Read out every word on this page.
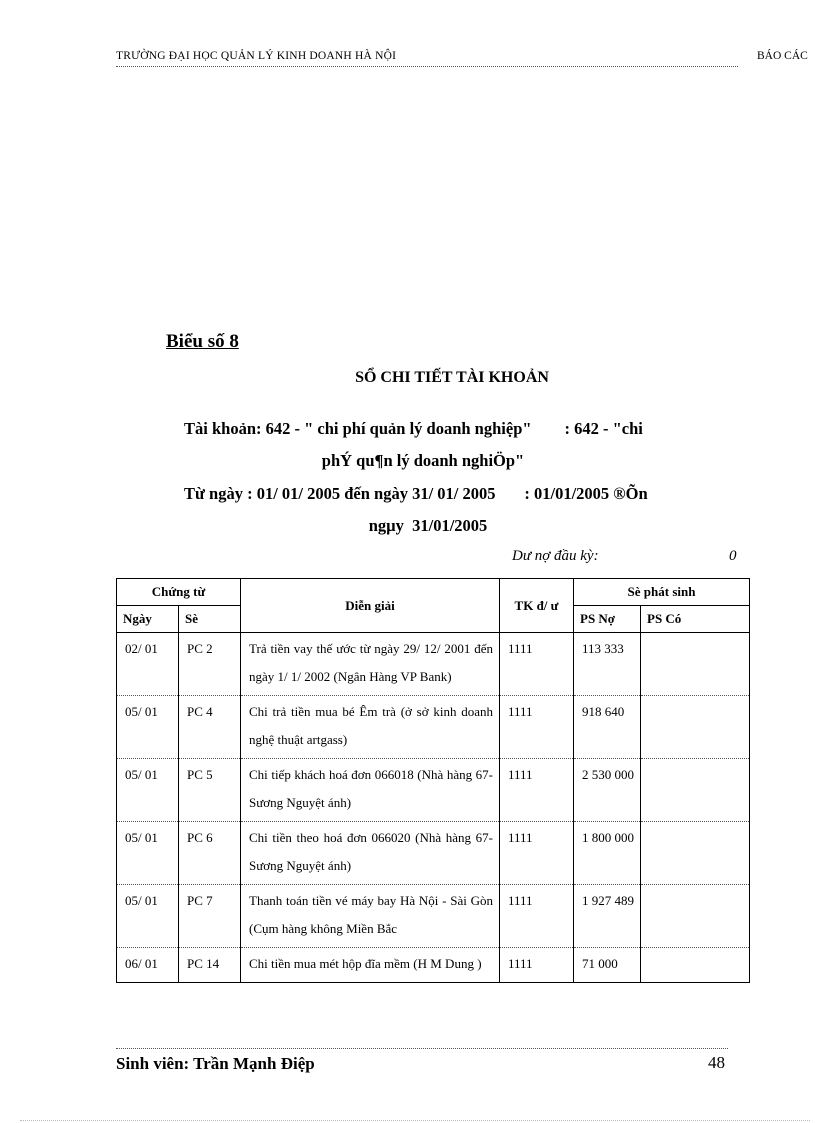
TRƯỜNG ĐẠI HỌC QUẢN LÝ KINH DOANH HÀ NỘI	BÁO CÁC
Biểu số 8
SỔ CHI TIẾT TÀI KHOẢN
Tài khoản: 642 - " chi phí quản lý doanh nghiệp"        : 642 - "chi
phÝ qu¶n lý doanh nghiÖp"
Từ ngày : 01/ 01/ 2005 đến ngày 31/ 01/ 2005       : 01/01/2005 ®Õn
ngµy  31/01/2005
Dư nợ đầu kỳ:	0
Chứng từ		Diễn giải	TK đ/ ư	Sè phát sinh	
Ngày	Sè			PS Nợ	PS Có
02/ 01	PC 2	Trả tiền vay thế ước từ ngày 29/ 12/ 2001 đến ngày 1/ 1/ 2002 (Ngân Hàng VP Bank)	1111	113 333	
05/ 01	PC 4	Chi trả tiền mua bé Êm trà (ở sở kinh doanh nghệ thuật artgass)	1111	918 640	
05/ 01	PC 5	Chi tiếp khách hoá đơn 066018 (Nhà hàng 67- Sương Nguyệt ánh)	1111	2 530 000	
05/ 01	PC 6	Chi tiền theo hoá đơn 066020 (Nhà hàng 67- Sương Nguyệt ánh)	1111	1 800 000	
05/ 01	PC 7	Thanh toán tiền vé máy bay Hà Nội - Sài Gòn (Cụm hàng không Miền Bắc	1111	1 927 489	
06/ 01	PC 14	Chi tiền mua mét hộp đĩa mềm (H M Dung )	1111	71 000	
Sinh viên: Trần Mạnh Điệp	48
